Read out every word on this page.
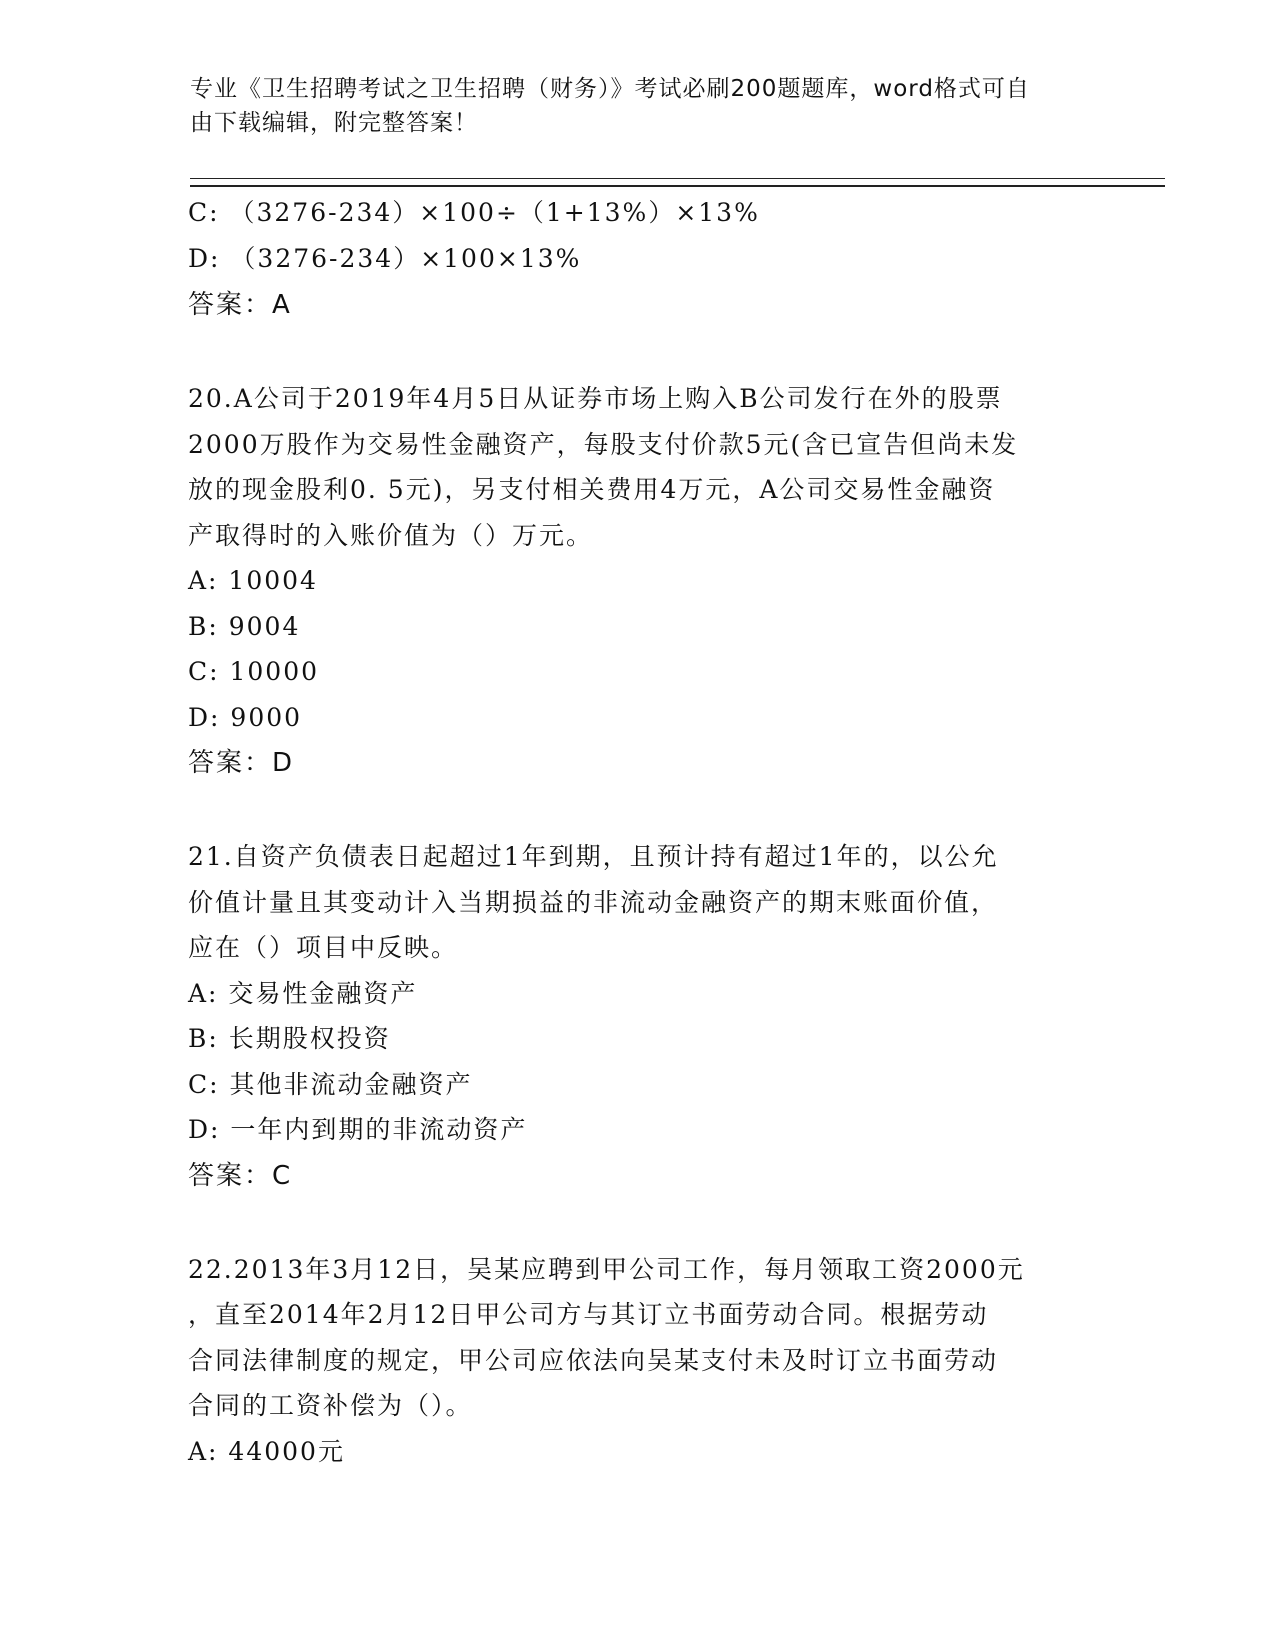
专业《卫生招聘考试之卫生招聘（财务）》考试必刷200题题库，word格式可自
由下载编辑，附完整答案！
C: （3276-234）×100÷（1+13%）×13%
D: （3276-234）×100×13%
答案：A
20.A公司于2019年4月5日从证券市场上购入B公司发行在外的股票
2000万股作为交易性金融资产，每股支付价款5元(含已宣告但尚未发
放的现金股利0. 5元)，另支付相关费用4万元，A公司交易性金融资
产取得时的入账价值为（）万元。
A: 10004
B: 9004
C: 10000
D: 9000
答案：D
21.自资产负债表日起超过1年到期，且预计持有超过1年的，以公允
价值计量且其变动计入当期损益的非流动金融资产的期末账面价值，
应在（）项目中反映。
A: 交易性金融资产
B: 长期股权投资
C: 其他非流动金融资产
D: 一年内到期的非流动资产
答案：C
22.2013年3月12日，吴某应聘到甲公司工作，每月领取工资2000元
，直至2014年2月12日甲公司方与其订立书面劳动合同。根据劳动
合同法律制度的规定，甲公司应依法向吴某支付未及时订立书面劳动
合同的工资补偿为（）。
A: 44000元
